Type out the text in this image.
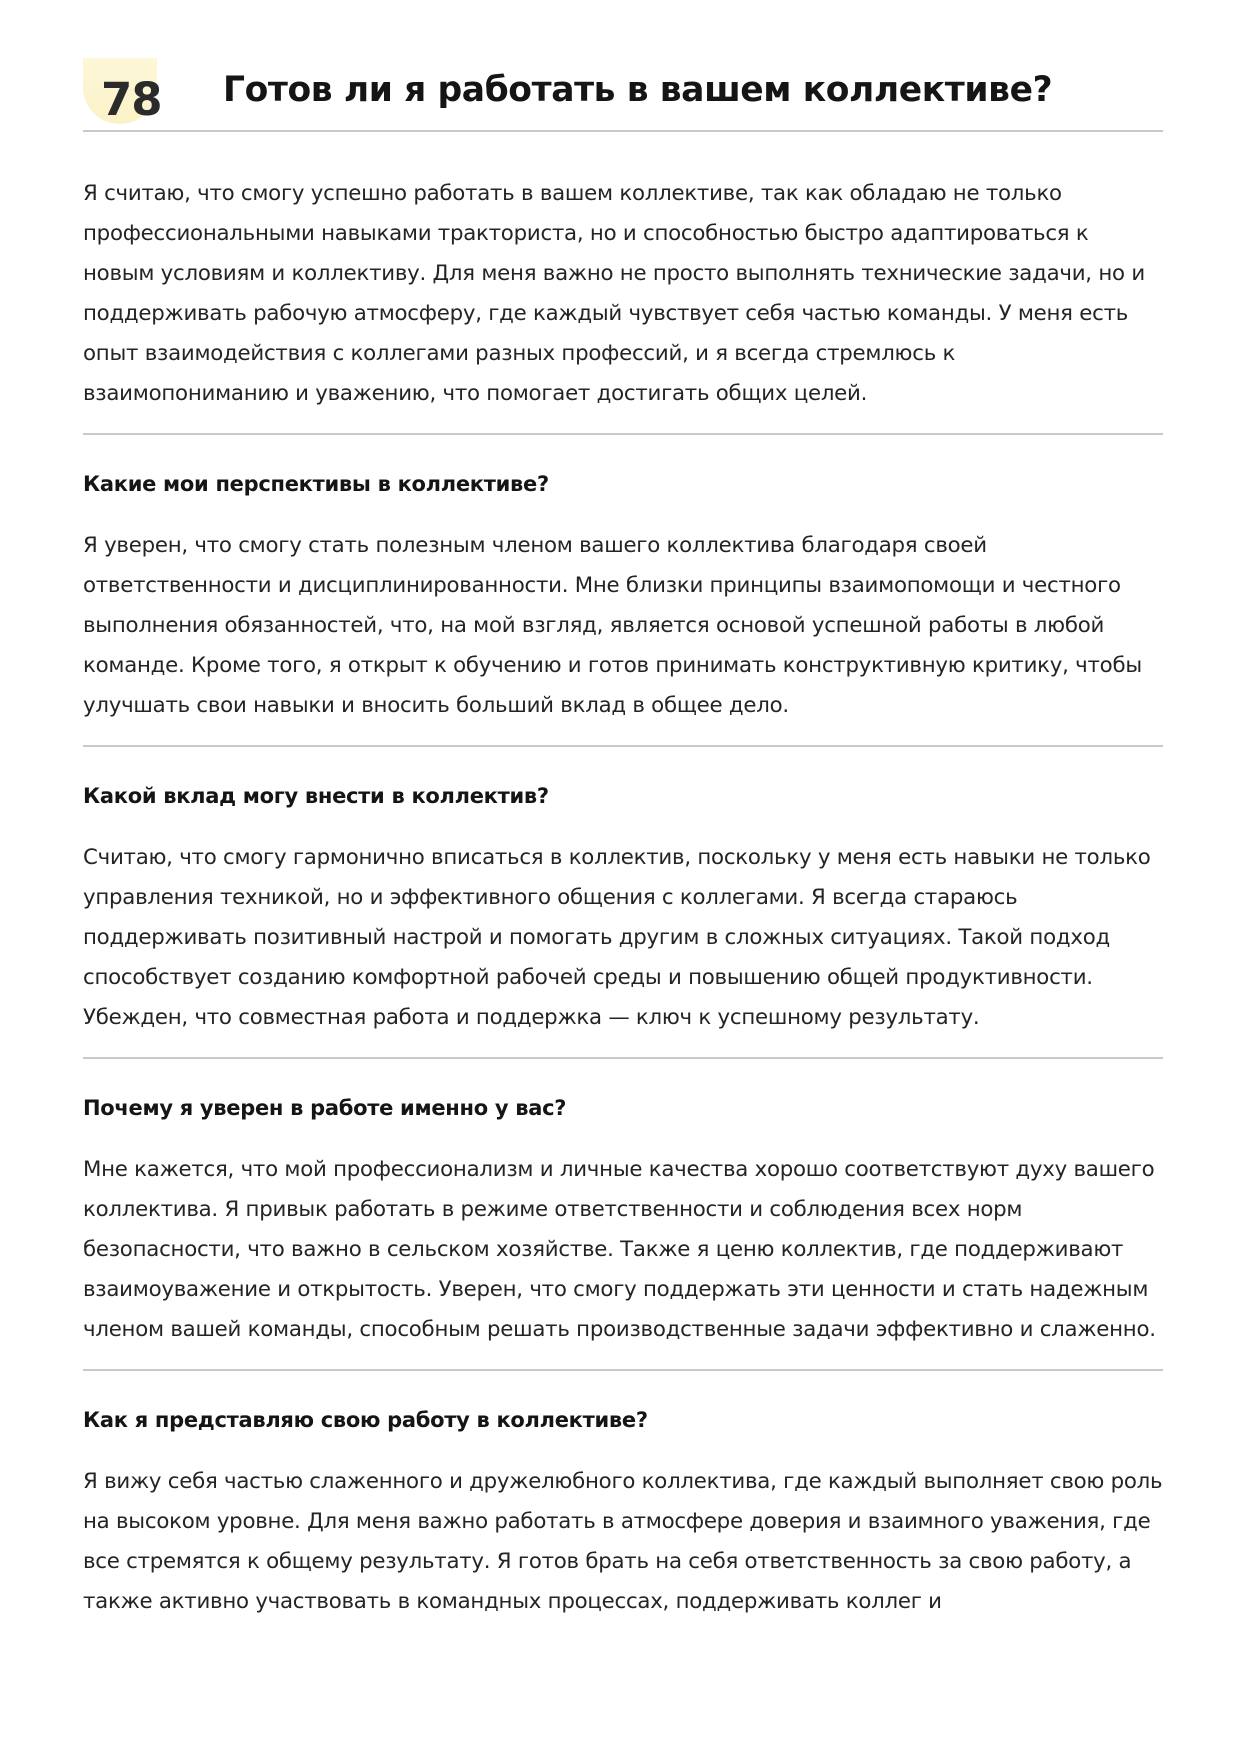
78 Готов ли я работать в вашем коллективе?

Я считаю, что смогу успешно работать в вашем коллективе, так как обладаю не только профессиональными навыками тракториста, но и способностью быстро адаптироваться к новым условиям и коллективу. Для меня важно не просто выполнять технические задачи, но и поддерживать рабочую атмосферу, где каждый чувствует себя частью команды. У меня есть опыт взаимодействия с коллегами разных профессий, и я всегда стремлюсь к взаимопониманию и уважению, что помогает достигать общих целей.

Какие мои перспективы в коллективе?

Я уверен, что смогу стать полезным членом вашего коллектива благодаря своей ответственности и дисциплинированности. Мне близки принципы взаимопомощи и честного выполнения обязанностей, что, на мой взгляд, является основой успешной работы в любой команде. Кроме того, я открыт к обучению и готов принимать конструктивную критику, чтобы улучшать свои навыки и вносить больший вклад в общее дело.

Какой вклад могу внести в коллектив?

Считаю, что смогу гармонично вписаться в коллектив, поскольку у меня есть навыки не только управления техникой, но и эффективного общения с коллегами. Я всегда стараюсь поддерживать позитивный настрой и помогать другим в сложных ситуациях. Такой подход способствует созданию комфортной рабочей среды и повышению общей продуктивности. Убежден, что совместная работа и поддержка — ключ к успешному результату.

Почему я уверен в работе именно у вас?

Мне кажется, что мой профессионализм и личные качества хорошо соответствуют духу вашего коллектива. Я привык работать в режиме ответственности и соблюдения всех норм безопасности, что важно в сельском хозяйстве. Также я ценю коллектив, где поддерживают взаимоуважение и открытость. Уверен, что смогу поддержать эти ценности и стать надежным членом вашей команды, способным решать производственные задачи эффективно и слаженно.

Как я представляю свою работу в коллективе?

Я вижу себя частью слаженного и дружелюбного коллектива, где каждый выполняет свою роль на высоком уровне. Для меня важно работать в атмосфере доверия и взаимного уважения, где все стремятся к общему результату. Я готов брать на себя ответственность за свою работу, а также активно участвовать в командных процессах, поддерживать коллег и
